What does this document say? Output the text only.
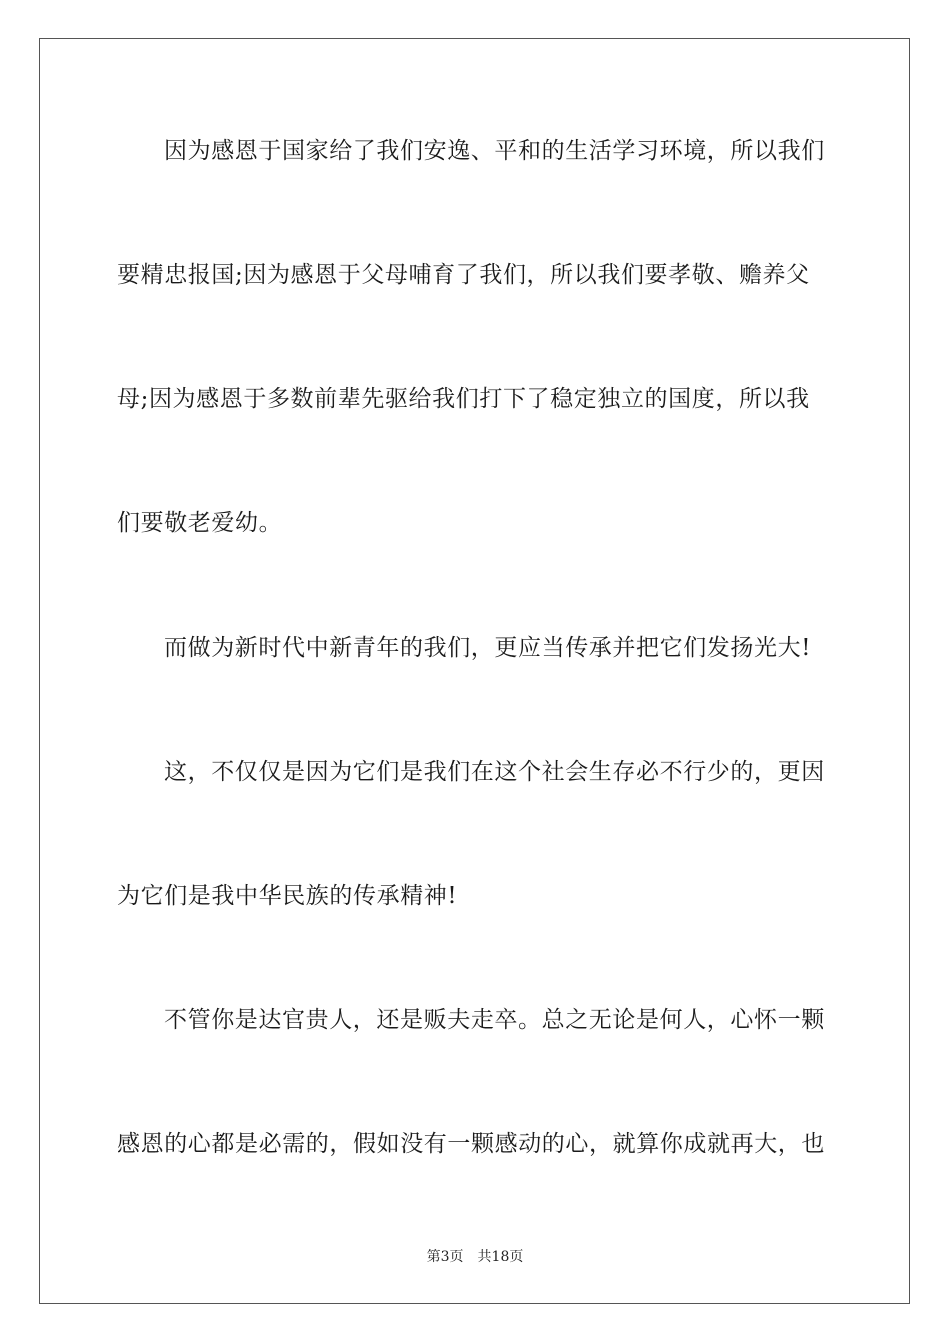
因为感恩于国家给了我们安逸、平和的生活学习环境，所以我们

要精忠报国;因为感恩于父母哺育了我们，所以我们要孝敬、赡养父

母;因为感恩于多数前辈先驱给我们打下了稳定独立的国度，所以我

们要敬老爱幼。

而做为新时代中新青年的我们，更应当传承并把它们发扬光大!

这，不仅仅是因为它们是我们在这个社会生存必不行少的，更因

为它们是我中华民族的传承精神!

不管你是达官贵人，还是贩夫走卒。总之无论是何人，心怀一颗

感恩的心都是必需的，假如没有一颗感动的心，就算你成就再大，也

第3页 共18页
